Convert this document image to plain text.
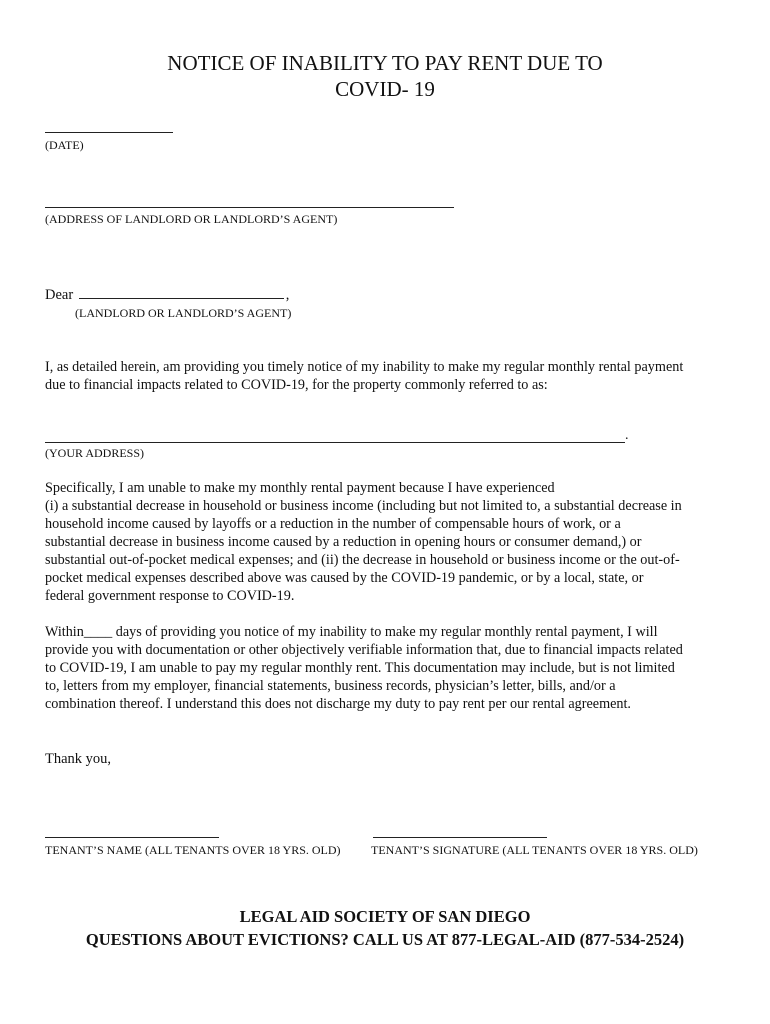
NOTICE OF INABILITY TO PAY RENT DUE TO
COVID- 19
(DATE)
(ADDRESS OF LANDLORD OR LANDLORD’S AGENT)
Dear	,
(LANDLORD OR LANDLORD’S AGENT)

I, as detailed herein, am providing you timely notice of my inability to make my regular monthly rental payment
due to financial impacts related to COVID-19, for the property commonly referred to as:

.
(YOUR ADDRESS)

Specifically, I am unable to make my monthly rental payment because I have experienced
(i) a substantial decrease in household or business income (including but not limited to, a substantial decrease in
household income caused by layoffs or a reduction in the number of compensable hours of work, or a
substantial decrease in business income caused by a reduction in opening hours or consumer demand,) or
substantial out-of-pocket medical expenses; and (ii) the decrease in household or business income or the out-of-
pocket medical expenses described above was caused by the COVID-19 pandemic, or by a local, state, or
federal government response to COVID-19.

Within____ days of providing you notice of my inability to make my regular monthly rental payment, I will
provide you with documentation or other objectively verifiable information that, due to financial impacts related
to COVID-19, I am unable to pay my regular monthly rent. This documentation may include, but is not limited
to, letters from my employer, financial statements, business records, physician’s letter, bills, and/or a
combination thereof. I understand this does not discharge my duty to pay rent per our rental agreement.

Thank you,
TENANT’S NAME (ALL TENANTS OVER 18 YRS. OLD)	TENANT’S SIGNATURE (ALL TENANTS OVER 18 YRS. OLD)
LEGAL AID SOCIETY OF SAN DIEGO
QUESTIONS ABOUT EVICTIONS? CALL US AT 877-LEGAL-AID (877-534-2524)
